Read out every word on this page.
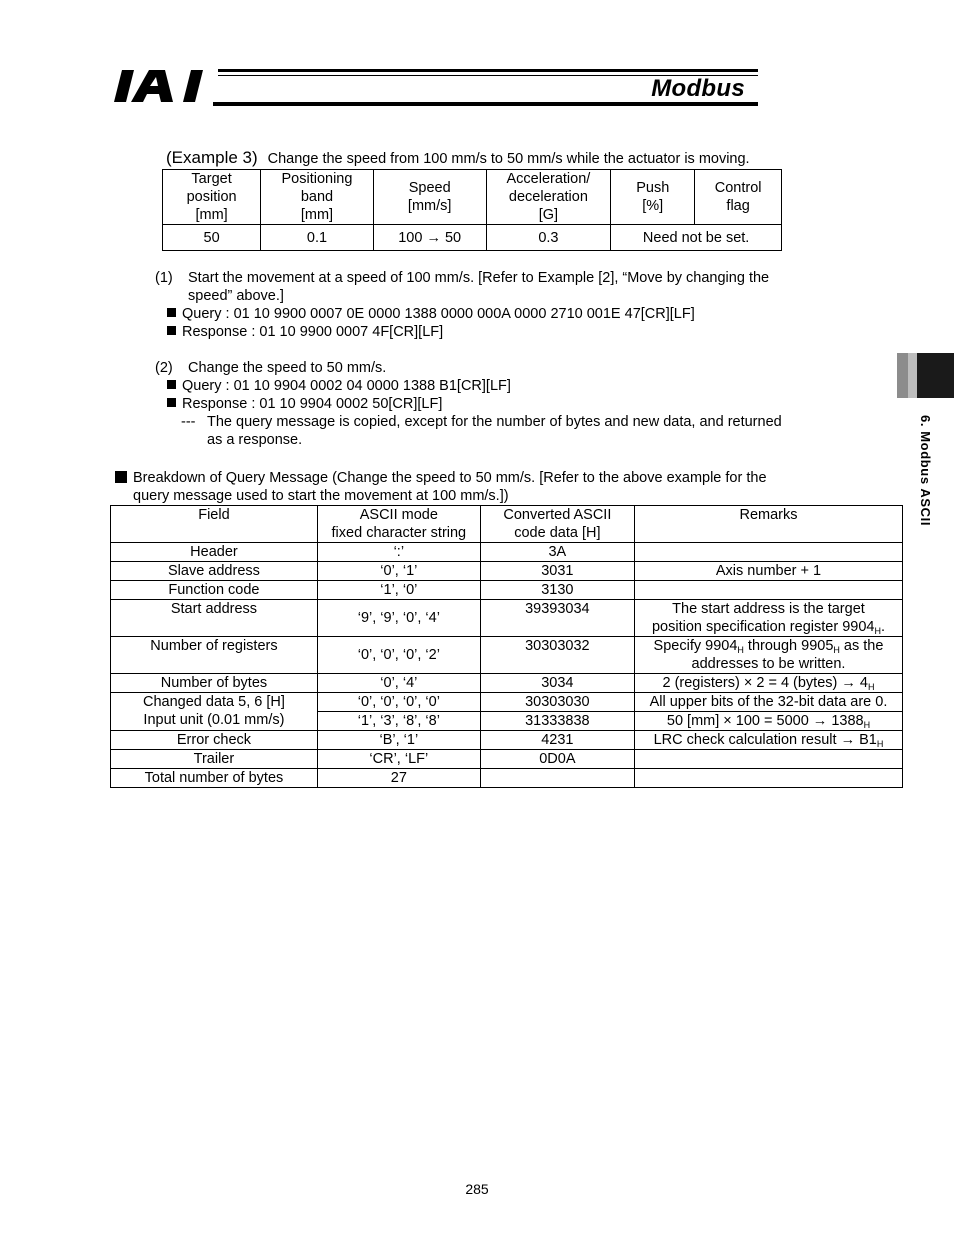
Modbus
6. Modbus ASCII
(Example 3) Change the speed from 100 mm/s to 50 mm/s while the actuator is moving.
Target
position
[mm]	Positioning
band
[mm]	Speed
[mm/s]	Acceleration/
deceleration
[G]	Push
[%]	Control
flag
50	0.1	100 → 50	0.3	Need not be set.	
(1) Start the movement at a speed of 100 mm/s. [Refer to Example [2], “Move by changing the
speed” above.]
Query : 01 10 9900 0007 0E 0000 1388 0000 000A 0000 2710 001E 47[CR][LF]
Response : 01 10 9900 0007 4F[CR][LF]
(2) Change the speed to 50 mm/s.
Query : 01 10 9904 0002 04 0000 1388 B1[CR][LF]
Response : 01 10 9904 0002 50[CR][LF]
--- The query message is copied, except for the number of bytes and new data, and returned
as a response.
Breakdown of Query Message (Change the speed to 50 mm/s. [Refer to the above example for the
query message used to start the movement at 100 mm/s.])
Field	ASCII mode
fixed character string	Converted ASCII
code data [H]	Remarks
Header	‘:’	3A	
Slave address	‘0’, ‘1’	3031	Axis number + 1
Function code	‘1’, ‘0’	3130	
Start address	‘9’, ‘9’, ‘0’, ‘4’	39393034	The start address is the target
position specification register $9904_H$.
Number of registers	‘0’, ‘0’, ‘0’, ‘2’	30303032	Specify $9904_H$ through $9905_H$ as the
addresses to be written.
Number of bytes	‘0’, ‘4’	3034	2 (registers) × 2 = 4 (bytes) → $4_H$
Changed data 5, 6 [H]
Input unit (0.01 mm/s)	‘0’, ‘0’, ‘0’, ‘0’	30303030	All upper bits of the 32-bit data are 0.
	‘1’, ‘3’, ‘8’, ‘8’	31333838	50 $[mm] \times 100 = 5000 \to 1388_H$
Error check	‘B’, ‘1’	4231	LRC check calculation result → $B1_H$
Trailer	‘CR’, ‘LF’	0D0A	
Total number of bytes	27		
285
